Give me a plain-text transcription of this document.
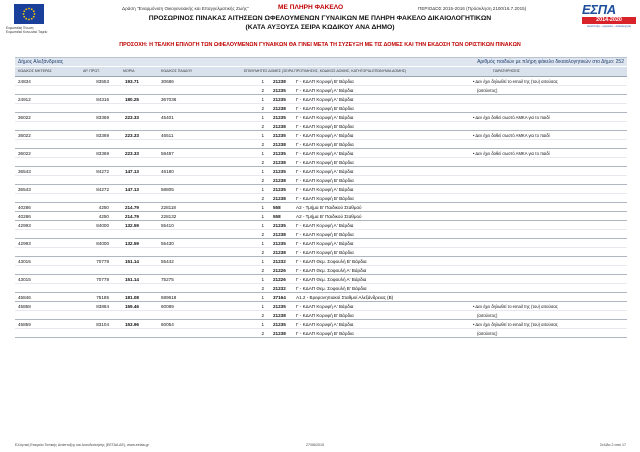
Ευρωπαϊκή Ένωση
Ευρωπαϊκό Κοινωνικό Ταμείο
Δράση "Εναρμόνιση Οικογενειακής και Επαγγελματικής Ζωής"	ΜΕ ΠΛΗΡΗ ΦΑΚΕΛΟ	ΠΕΡΙΟΔΟΣ 2015-2016 (Πρόσκληση 2100/16.7.2015)	ΕΣΠΑ
2014-2020
ανάπτυξη - εργασία - αλληλεγγύη
ΠΡΟΣΩΡΙΝΟΣ ΠΙΝΑΚΑΣ ΑΙΤΗΣΕΩΝ ΩΦΕΛΟΥΜΕΝΩΝ ΓΥΝΑΙΚΩΝ ΜΕ ΠΛΗΡΗ ΦΑΚΕΛΟ ΔΙΚΑΙΟΛΟΓΗΤΙΚΩΝ
(ΚΑΤΑ ΑΥΞΟΥΣΑ ΣΕΙΡΑ ΚΩΔΙΚΟΥ ΑΝΑ ΔΗΜΟ)
ΠΡΟΣΟΧΗ: Η ΤΕΛΙΚΗ ΕΠΙΛΟΓΗ ΤΩΝ ΩΦΕΛΟΥΜΕΝΩΝ ΓΥΝΑΙΚΩΝ ΘΑ ΓΙΝΕΙ ΜΕΤΑ ΤΗ ΣΥΖΕΥΞΗ ΜΕ ΤΙΣ ΔΟΜΕΣ ΚΑΙ ΤΗΝ ΕΚΔΟΣΗ ΤΩΝ ΟΡΙΣΤΙΚΩΝ ΠΙΝΑΚΩΝ
Δήμος Αλεξάνδρειας	Αριθμός παιδιών με πλήρη φάκελο δικαιολογητικών στο Δήμο: 252
ΚΩΔΙΚΟΣ ΜΗΤΕΡΑΣ	ΑΡ. ΠΡΩΤ.	ΜΟΡΙΑ	ΚΩΔΙΚΟΣ ΠΑΙΔΙΟΥ	ΕΠΙΘΥΜΗΤΕΣ ΔΟΜΕΣ (ΣΕΙΡΑ ΠΡΟΤΙΜΗΣΗΣ, ΚΩΔΙΚΟΣ ΔΟΜΗΣ, ΚΑΤΗΓΟΡΙΑ-ΕΠΩΝΥΜΙΑ ΔΟΜΗΣ)	ΠΑΡΑΤΗΡΗΣΕΙΣ
24834	83553	193.71	30686	1 21238 Γ - ΚΔΑΠ Κορυφή Β' Βάρδια	• Δεν έχει δηλωθεί το email της (του) αιτούσας
2 21235 Γ - ΚΔΑΠ Κορυφή Α' Βάρδια	(αιτούντος)
24912	84316	180.25	367036	1 21235 Γ - ΚΔΑΠ Κορυφή Α' Βάρδια
2 21238 Γ - ΚΔΑΠ Κορυφή Β' Βάρδια
36022	83369	223.33	45401	1 21235 Γ - ΚΔΑΠ Κορυφή Α' Βάρδια	• Δεν έχει δοθεί σωστό ΑΜΚΑ για το παιδί
2 21238 Γ - ΚΔΑΠ Κορυφή Β' Βάρδια
36022	83369	223.33	46511	1 21235 Γ - ΚΔΑΠ Κορυφή Α' Βάρδια	• Δεν έχει δοθεί σωστό ΑΜΚΑ για το παιδί
2 21238 Γ - ΚΔΑΠ Κορυφή Β' Βάρδια
36022	83369	223.33	58487	1 21235 Γ - ΚΔΑΠ Κορυφή Α' Βάρδια	• Δεν έχει δοθεί σωστό ΑΜΚΑ για το παιδί
2 21238 Γ - ΚΔΑΠ Κορυφή Β' Βάρδια
36543	84272	147.13	46180	1 21235 Γ - ΚΔΑΠ Κορυφή Α' Βάρδια
2 21238 Γ - ΚΔΑΠ Κορυφή Β' Βάρδια
36543	84272	147.13	58805	1 21235 Γ - ΚΔΑΠ Κορυφή Α' Βάρδια
2 21238 Γ - ΚΔΑΠ Κορυφή Β' Βάρδια
40286	4250	214.79	228118	1 558	Α2 - Τμήμα Β' Παιδικού Σταθμού
40286	4250	214.79	228132	1 558	Α2 - Τμήμα Β' Παιδικού Σταθμού
42993	84000	132.59	55410	1 21235 Γ - ΚΔΑΠ Κορυφή Α' Βάρδια
2 21238 Γ - ΚΔΑΠ Κορυφή Β' Βάρδια
42993	84000	132.59	55430	1 21235 Γ - ΚΔΑΠ Κορυφή Α' Βάρδια
2 21238 Γ - ΚΔΑΠ Κορυφή Β' Βάρδια
43015	70778	151.14	55442	1 21232 Γ - ΚΔΑΠ Θεμ. Σοφουλή Β' Βάρδια
2 21226 Γ - ΚΔΑΠ Θεμ. Σοφουλή Α' Βάρδια
43015	70778	151.14	75275	1 21226 Γ - ΚΔΑΠ Θεμ. Σοφουλή Α' Βάρδια
2 21232 Γ - ΚΔΑΠ Θεμ. Σοφουλή Β' Βάρδια
45846	75185	181.08	689618	1 37164 Α1.2 - Βρεφονηπιακοί Σταθμοί Αλεξάνδρειας (Β)
45858	83884	159.46	60089	1 21235 Γ - ΚΔΑΠ Κορυφή Α' Βάρδια	• Δεν έχει δηλωθεί το email της (του) αιτούσας
2 21238 Γ - ΚΔΑΠ Κορυφή Β' Βάρδια	(αιτούντος)
45859	83104	153.96	60054	1 21235 Γ - ΚΔΑΠ Κορυφή Α' Βάρδια	• Δεν έχει δηλωθεί το email της (του) αιτούσας
2 21238 Γ - ΚΔΑΠ Κορυφή Β' Βάρδια	(αιτούντος)
Ελληνική Εταιρεία Τοπικής Ανάπτυξης και Αυτοδιοίκησης (ΕΕΤΑΑ ΑΕ), www.eetaa.gr	27/08/2015	Σελίδα 2 από 17
